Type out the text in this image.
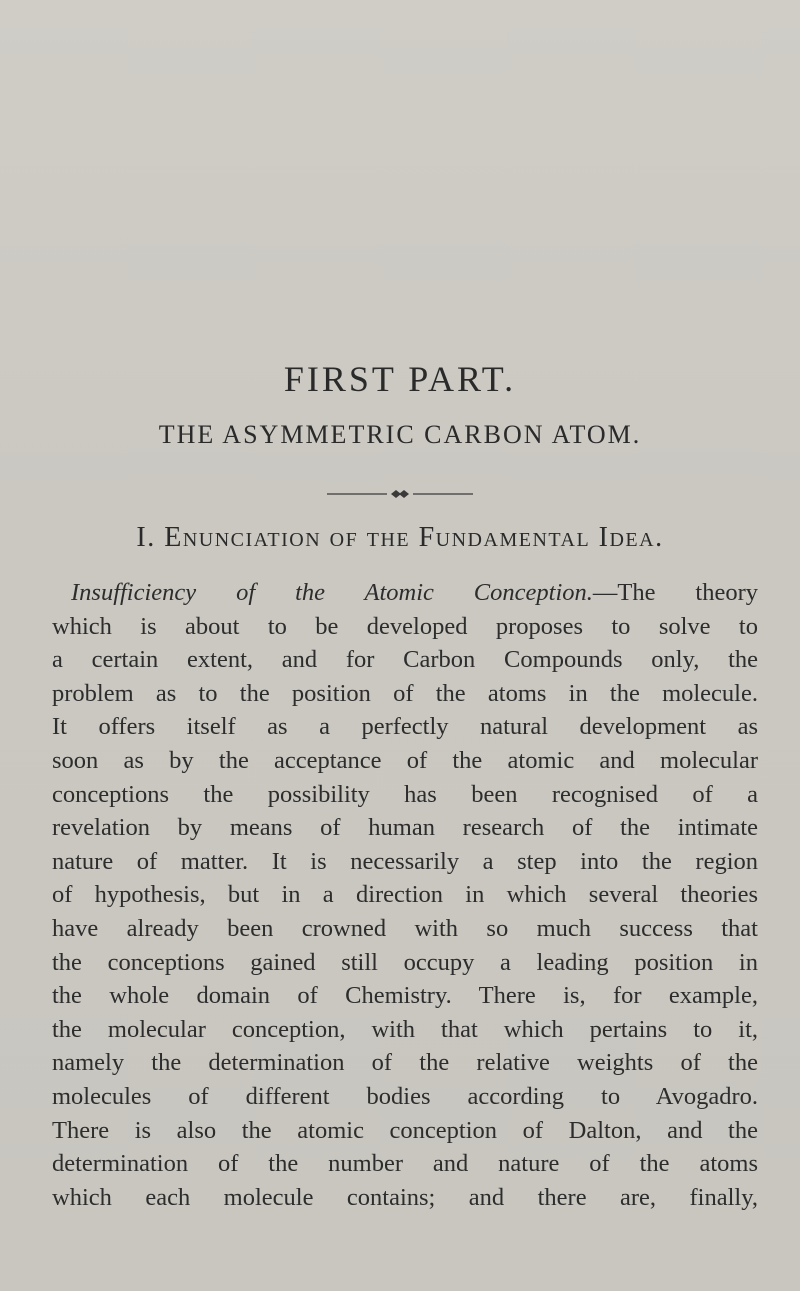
FIRST PART.
THE ASYMMETRIC CARBON ATOM.
I. Enunciation of the Fundamental Idea.
Insufficiency of the Atomic Conception.—The theory
which is about to be developed proposes to solve to
a certain extent, and for Carbon Compounds only, the
problem as to the position of the atoms in the molecule.
It offers itself as a perfectly natural development as
soon as by the acceptance of the atomic and molecular
conceptions the possibility has been recognised of a
revelation by means of human research of the intimate
nature of matter. It is necessarily a step into the region
of hypothesis, but in a direction in which several theories
have already been crowned with so much success that
the conceptions gained still occupy a leading position in
the whole domain of Chemistry. There is, for example,
the molecular conception, with that which pertains to it,
namely the determination of the relative weights of the
molecules of different bodies according to Avogadro.
There is also the atomic conception of Dalton, and the
determination of the number and nature of the atoms
which each molecule contains; and there are, finally,
